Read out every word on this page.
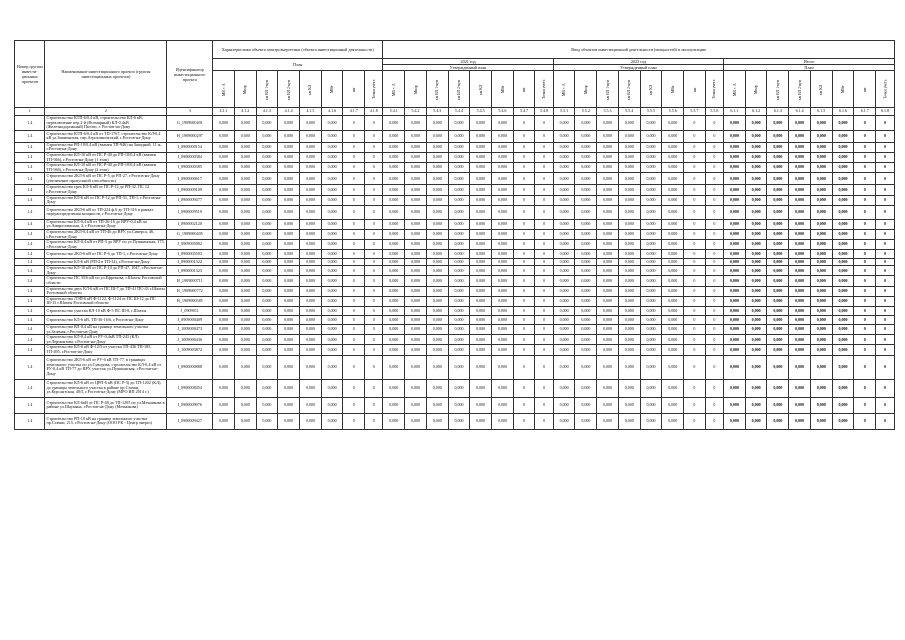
Номер группы инвести-ционных проектов	Наименование инвестиционного проекта (группы инвестиционных проектов)	Идентификатор инвестиционного проекта	Характеристики объекта электроэнергетики (объекта инвестиционной деятельности)								Ввод объектов инвестиционной деятельности (мощностей) в эксплуатацию																							
			План								2021 год								2023 год								Итого							
											Утвержденный план								Утвержденный план								План							
			МВ×А	Мвар	км ВЛ 1-цеп	км ВЛ 2-цеп	км КЛ	МВт	шт	Точки учета	МВ×А	Мвар	км ВЛ 1-цеп	км ВЛ 2-цеп	км КЛ	МВт	шт	Точки учета	МВ×А	Мвар	км ВЛ 1-цеп	км ВЛ 2-цеп	км КЛ	МВт	шт	Точки учета	МВ×А	Мвар	км ВЛ 1-цеп	км ВЛ 2-цеп	км КЛ	МВт	шт	Точки учета
1	2	3	4.1.1	4.1.2	4.1.3	4.1.4	4.1.5	4.1.6	4.1.7	4.1.8	5.4.1	5.4.2	5.4.3	5.4.4	5.4.5	5.4.6	5.4.7	5.4.8	5.5.1	5.5.2	5.5.3	5.5.4	5.5.5	5.5.6	5.5.7	5.5.8	6.1.1	6.1.2	6.1.3	6.1.4	6.1.5	6.1.6	6.1.7	6.1.8
1.4	Строительство КТП-6/0,4 кВ, строительство КЛ-6 кВ, переключение пер.2-й (Всемирный) КЛ-0,4кВ (Железнодорожный) Пкт/пп, г. Ростов-на-Дону	G_1909000401	0,000	0,000	0,000	0,000	0,000	0,000	0	0	0,000	0,000	0,000	0,000	0,000	0,000	0	0	0,000	0,000	0,000	0,000	0,000	0,000	0	0	0,000	0,000	0,000	0,000	0,000	0,000	0	0
1.4	Строительство КТП-6/0,4 кВ от ТП-1767, строительство КЛ-0,4 кВ ул.Знаменитая, пер.Агрохимический, г.Ростов-на-Дону	H_1909000297	0,000	0,000	0,000	0,000	0,000	0,000	0	0	0,000	0,000	0,000	0,000	0,000	0,000	0	0	0,000	0,000	0,000	0,000	0,000	0,000	0	0	0,000	0,000	0,000	0,000	0,000	0,000	0	0
1.4	Строительство РП-10/0,4 кВ (взамен ТП-946) на Западной, 11 ж, г.Ростов-на-Дону	I_0900000154	0,000	0,000	0,000	0,000	0,000	0,000	0	0	0,000	0,000	0,000	0,000	0,000	0,000	0	0	0,000	0,000	0,000	0,000	0,000	0,000	0	0	0,000	0,000	0,000	0,000	0,000	0,000	0	0
1.4	Строительство КЛ-10 кВ от ПС Р-40 до РП-10/0,4 кВ (взамен ТП-946), г.Ростов-на-Дону (1 этап)	I_0900000384	0,000	0,000	0,000	0,000	0,000	0,000	0	0	0,000	0,000	0,000	0,000	0,000	0,000	0	0	0,000	0,000	0,000	0,000	0,000	0,000	0	0	0,000	0,000	0,000	0,000	0,000	0,000	0	0
1.4	Строительство КЛ-10 кВ от ПС Р-40 до РП-10/0,4 кВ (взамен ТП-946), г.Ростов-на-Дону (2 этап)	I_0900000385	0,000	0,000	0,000	0,000	0,000	0,000	0	0	0,000	0,000	0,000	0,000	0,000	0,000	0	0	0,000	0,000	0,000	0,000	0,000	0,000	0	0	0,000	0,000	0,000	0,000	0,000	0,000	0	0
1.4	Строительство 2КЛ-6 кВ от ПС Р-5 до РП-27, г.Ростов-на-Дону (увеличение пропускной способности)	I_0900000617	0,000	0,000	0,000	0,000	0,000	0,000	0	0	0,000	0,000	0,000	0,000	0,000	0,000	0	0	0,000	0,000	0,000	0,000	0,000	0,000	0	0	0,000	0,000	0,000	0,000	0,000	0,000	0	0
1.4	Строительство трех КЛ-6 кВ от ПС Р-12 до РП-32, ПС 12 г.Ростов-на-Дону	I_0900009109	0,000	0,000	0,000	0,000	0,000	0,000	0	0	0,000	0,000	0,000	0,000	0,000	0,000	0	0	0,000	0,000	0,000	0,000	0,000	0,000	0	0	0,000	0,000	0,000	0,000	0,000	0,000	0	0
1.4	Строительство КЛ-6 кВ от ПС Р-12 до РП-31, ТП-1, г.Ростов-на-Дону	I_0900009477	0,000	0,000	0,000	0,000	0,000	0,000	0	0	0,000	0,000	0,000	0,000	0,000	0,000	0	0	0,000	0,000	0,000	0,000	0,000	0,000	0	0	0,000	0,000	0,000	0,000	0,000	0,000	0	0
1.4	Строительство 2КЛ-6 кВ от ТП-224 ф.6 до ТП-316 в рамках перераспределения мощности, г.Ростов-на-Дону	I_0900009519	0,000	0,000	0,000	0,000	0,000	0,000	0	0	0,000	0,000	0,000	0,000	0,000	0,000	0	0	0,000	0,000	0,000	0,000	0,000	0,000	0	0	0,000	0,000	0,000	0,000	0,000	0,000	0	0
1.4	Строительство КЛ-0,4 кВ от ТП-26-16 до ВРУ-0,4 кВ по ул.Амвросиевская, 2, г.Ростов-на-Дону	I_0900002120	0,000	0,000	0,000	0,000	0,000	0,000	0	0	0,000	0,000	0,000	0,000	0,000	0,000	0	0	0,000	0,000	0,000	0,000	0,000	0,000	0	0	0,000	0,000	0,000	0,000	0,000	0,000	0	0
1.4	Строительство 2КЛ-0,4 кВ от ТП-46 до ВРУ, ул.Сиверса, 46, г.Ростов-на-Дону	G_1909000405	0,000	0,000	0,000	0,000	0,000	0,000	0	0	0,000	0,000	0,000	0,000	0,000	0,000	0	0	0,000	0,000	0,000	0,000	0,000	0,000	0	0	0,000	0,000	0,000	0,000	0,000	0,000	0	0
1.4	Строительство КЛ-0,4 кВ от РП-5 до ВРУ по ул.Пушкинская, 175, г.Ростов-на-Дону	J_0909005002	0,000	0,000	0,000	0,000	0,000	0,000	0	0	0,000	0,000	0,000	0,000	0,000	0,000	0	0	0,000	0,000	0,000	0,000	0,000	0,000	0	0	0,000	0,000	0,000	0,000	0,000	0,000	0	0
1.4	Строительство 2КЛ-6 кВ от ПС Р-6 до ТП-1, г.Ростов-на-Дону	I_0900005503	0,000	0,000	0,000	0,000	0,000	0,000	0	0	0,000	0,000	0,000	0,000	0,000	0,000	0	0	0,000	0,000	0,000	0,000	0,000	0,000	0	0	0,000	0,000	0,000	0,000	0,000	0,000	0	0
1.4	Строительство КЛ-6 кВ (РП-2 в ТП-34), г.Ростов-на-Дону	I_0900001322	0,000	0,000	0,000	0,000	0,000	0,000	0	0	0,000	0,000	0,000	0,000	0,000	0,000	0	0	0,000	0,000	0,000	0,000	0,000	0,000	0	0	0,000	0,000	0,000	0,000	0,000	0,000	0	0
1.4	Строительство КЛ-10 кВ от ПС Р-10 до РП-47, 1047, г.Ростов-на-Дону	I_0900001323	0,000	0,000	0,000	0,000	0,000	0,000	0	0	0,000	0,000	0,000	0,000	0,000	0,000	0	0	0,000	0,000	0,000	0,000	0,000	0,000	0	0	0,000	0,000	0,000	0,000	0,000	0,000	0	0
1.4	Строительство ПС 35/6 кВ по ул.Ефремова, г.Шахты Ростовской области	H_1909000711	0,000	0,000	0,000	0,000	0,000	0,000	0	0	0,000	0,000	0,000	0,000	0,000	0,000	0	0	0,000	0,000	0,000	0,000	0,000	0,000	0	0	0,000	0,000	0,000	0,000	0,000	0,000	0	0
1.4	Строительство двух КЛ-6 кВ от ПС Ш-7 до ТП-41 ПС-43 г.Шахты Ростовской области	H_1909000772	0,000	0,000	0,000	0,000	0,000	0,000	0	0	0,000	0,000	0,000	0,000	0,000	0,000	0	0	0,000	0,000	0,000	0,000	0,000	0,000	0	0	0,000	0,000	0,000	0,000	0,000	0,000	0	0
1.4	Строительство ЛЭП-6 кВ Ф-1122, Ф-1124 от ПС Ш-12 до ПС Ш-15 г.Шахты Ростовской области	H_1909000585	0,000	0,000	0,000	0,000	0,000	0,000	0	0	0,000	0,000	0,000	0,000	0,000	0,000	0	0	0,000	0,000	0,000	0,000	0,000	0,000	0	0	0,000	0,000	0,000	0,000	0,000	0,000	0	0
1.4	Строительство участка КЛ-10 кВ Ф-5 ПС Ш-8, г.Шахты	J_0909011	0,000	0,000	0,000	0,000	0,000	0,000	0	0	0,000	0,000	0,000	0,000	0,000	0,000	0	0	0,000	0,000	0,000	0,000	0,000	0,000	0	0	0,000	0,000	0,000	0,000	0,000	0,000	0	0
1.4	Строительство КЛ-6 кВ, ТП-36-16/6, г.Ростов-на-Дону	J_0909000409	0,000	0,000	0,000	0,000	0,000	0,000	0	0	0,000	0,000	0,000	0,000	0,000	0,000	0	0	0,000	0,000	0,000	0,000	0,000	0,000	0	0	0,000	0,000	0,000	0,000	0,000	0,000	0	0
1.4	Строительство ВЛ-0,4 кВ на границе земельного участка ул.Зеленая, г.Ростов-на-Дону	J_1009000473	0,000	0,000	0,000	0,000	0,000	0,000	0	0	0,000	0,000	0,000	0,000	0,000	0,000	0	0	0,000	0,000	0,000	0,000	0,000	0,000	0	0	0,000	0,000	0,000	0,000	0,000	0,000	0	0
1.4	Строительство КЛ-0,4 кВ от РУ-0,4кВ ТП-243 (КЛ) ул.Лермонтова, г.Ростов-на-Дону	J_1009000436	0,000	0,000	0,000	0,000	0,000	0,000	0	0	0,000	0,000	0,000	0,000	0,000	0,000	0	0	0,000	0,000	0,000	0,000	0,000	0,000	0	0	0,000	0,000	0,000	0,000	0,000	0,000	0	0
1.4	Строительство КЛ-6 кВ Ф-12/5 от участка ТП-436 ТП-185, ТП-495, г.Ростов-на-Дону	J_1009003872	0,000	0,000	0,000	0,000	0,000	0,000	0	0	0,000	0,000	0,000	0,000	0,000	0,000	0	0	0,000	0,000	0,000	0,000	0,000	0,000	0	0	0,000	0,000	0,000	0,000	0,000	0,000	0	0
1.4	Строительство 2КЛ-6 кВ от РУ-6 кВ ТП-77, в границах земельного участка по ул.Суворова, строительство КЛ-0,4 кВ от РУ-0,4 кВ ТП-77 до ВРУ, участок ул.Пушкинская, г.Ростов-на-Дону	I_0900000888	0,000	0,000	0,000	0,000	0,000	0,000	0	0	0,000	0,000	0,000	0,000	0,000	0,000	0	0	0,000	0,000	0,000	0,000	0,000	0,000	0	0	0,000	0,000	0,000	0,000	0,000	0,000	0	0
1.4	Строительство КЛ-6 кВ от ЦРП-6 кВ (ПС Р-3) до ТП-1202 (КЛ), до границы земельного участка в районе пр.Стачки, ул.Курсантская, 40/5, г.Ростов-на-Дону (МРО ИП 2014 г.)	I_0900008454	0,000	0,000	0,000	0,000	0,000	0,000	0	0	0,000	0,000	0,000	0,000	0,000	0,000	0	0	0,000	0,000	0,000	0,000	0,000	0,000	0	0	0,000	0,000	0,000	0,000	0,000	0,000	0	0
1.4	Строительство КЛ-6кВ от ПС Р-48 до ТП-1205 по ул.Мечникова в районе ул.Шаумяна, г.Ростов-на-Дону (Мечникова)	I_0900009976	0,000	0,000	0,000	0,000	0,000	0,000	0	0	0,000	0,000	0,000	0,000	0,000	0,000	0	0	0,000	0,000	0,000	0,000	0,000	0,000	0	0	0,000	0,000	0,000	0,000	0,000	0,000	0	0
1.4	Строительство РП-10 кВ на границе земельного участка пр.Стачки, 215, г.Ростов-на-Дону (ООО РК - Центр энерго)	I_0900009427	0,000	0,000	0,000	0,000	0,000	0,000	0	0	0,000	0,000	0,000	0,000	0,000	0,000	0	0	0,000	0,000	0,000	0,000	0,000	0,000	0	0	0,000	0,000	0,000	0,000	0,000	0,000	0	0
